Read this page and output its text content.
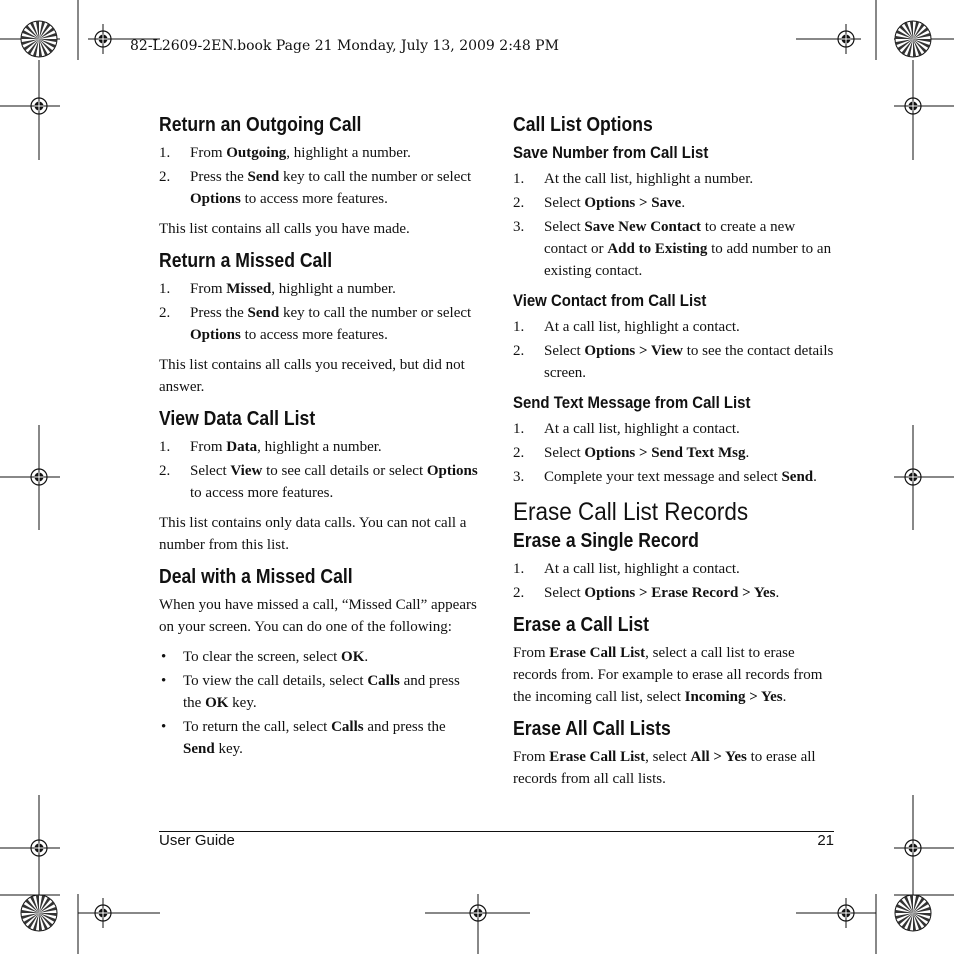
82-L2609-2EN.book Page 21 Monday, July 13, 2009 2:48 PM
Return an Outgoing Call
1. From Outgoing, highlight a number.
2. Press the Send key to call the number or select Options to access more features.

This list contains all calls you have made.

Return a Missed Call
1. From Missed, highlight a number.
2. Press the Send key to call the number or select Options to access more features.

This list contains all calls you received, but did not answer.

View Data Call List
1. From Data, highlight a number.
2. Select View to see call details or select Options to access more features.

This list contains only data calls. You can not call a number from this list.

Deal with a Missed Call

When you have missed a call, “Missed Call” appears on your screen. You can do one of the following:

• To clear the screen, select OK.
• To view the call details, select Calls and press the OK key.
• To return the call, select Calls and press the Send key.
Call List Options
Save Number from Call List
1. At the call list, highlight a number.
2. Select Options > Save.
3. Select Save New Contact to create a new contact or Add to Existing to add number to an existing contact.
View Contact from Call List
1. At a call list, highlight a contact.
2. Select Options > View to see the contact details screen.
Send Text Message from Call List
1. At a call list, highlight a contact.
2. Select Options > Send Text Msg.
3. Complete your text message and select Send.
Erase Call List Records
Erase a Single Record
1. At a call list, highlight a contact.
2. Select Options > Erase Record > Yes.
Erase a Call List

From Erase Call List, select a call list to erase records from. For example to erase all records from the incoming call list, select Incoming > Yes.

Erase All Call Lists

From Erase Call List, select All > Yes to erase all records from all call lists.

User Guide	21
